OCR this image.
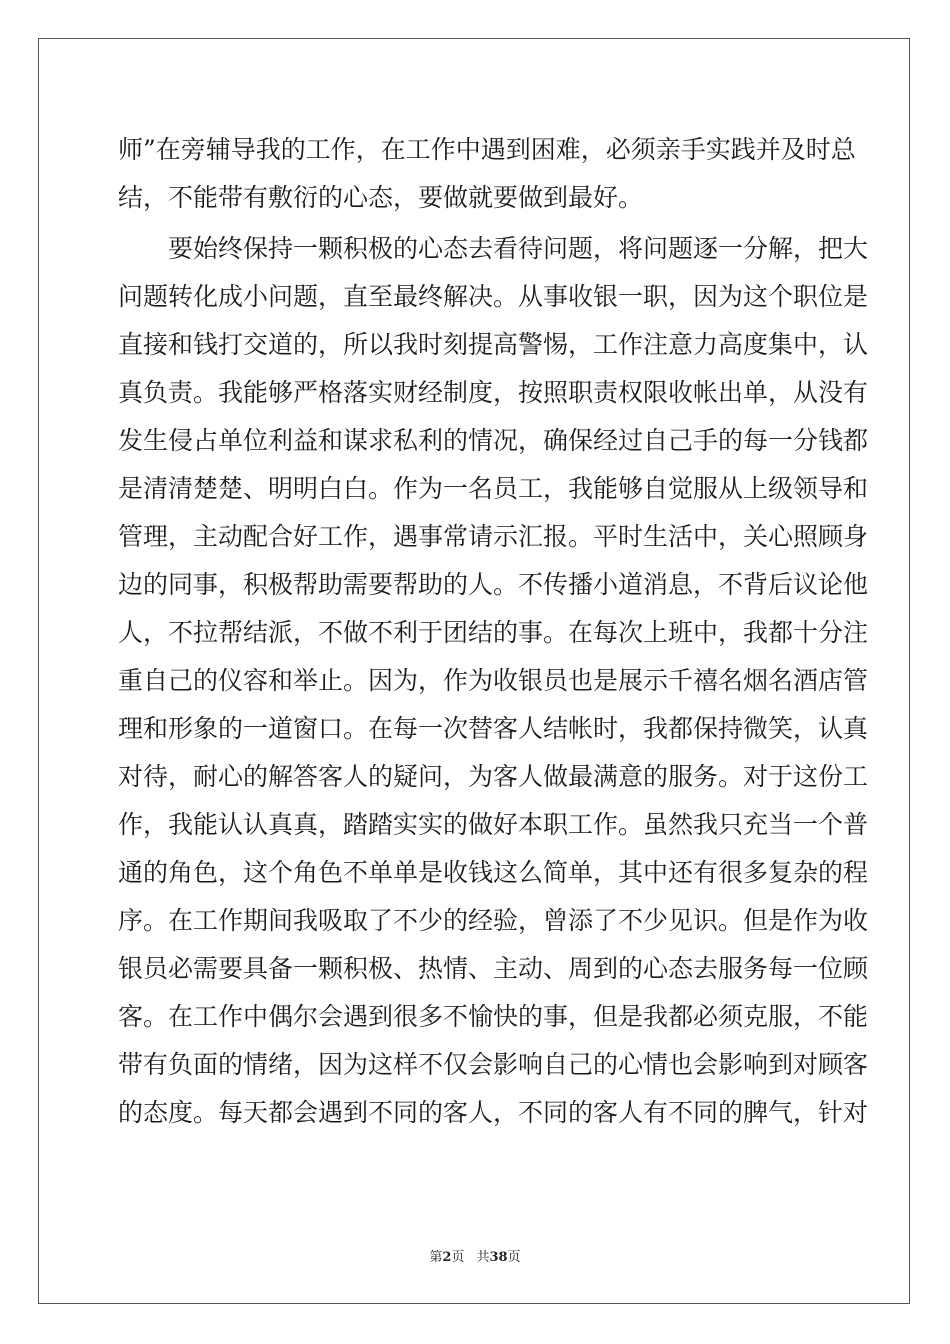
师”在旁辅导我的工作，在工作中遇到困难，必须亲手实践并及时总
结，不能带有敷衍的心态，要做就要做到最好。
要始终保持一颗积极的心态去看待问题，将问题逐一分解，把大
问题转化成小问题，直至最终解决。从事收银一职，因为这个职位是
直接和钱打交道的，所以我时刻提高警惕，工作注意力高度集中，认
真负责。我能够严格落实财经制度，按照职责权限收帐出单，从没有
发生侵占单位利益和谋求私利的情况，确保经过自己手的每一分钱都
是清清楚楚、明明白白。作为一名员工，我能够自觉服从上级领导和
管理，主动配合好工作，遇事常请示汇报。平时生活中，关心照顾身
边的同事，积极帮助需要帮助的人。不传播小道消息，不背后议论他
人，不拉帮结派，不做不利于团结的事。在每次上班中，我都十分注
重自己的仪容和举止。因为，作为收银员也是展示千禧名烟名酒店管
理和形象的一道窗口。在每一次替客人结帐时，我都保持微笑，认真
对待，耐心的解答客人的疑问，为客人做最满意的服务。对于这份工
作，我能认认真真，踏踏实实的做好本职工作。虽然我只充当一个普
通的角色，这个角色不单单是收钱这么简单，其中还有很多复杂的程
序。在工作期间我吸取了不少的经验，曾添了不少见识。但是作为收
银员必需要具备一颗积极、热情、主动、周到的心态去服务每一位顾
客。在工作中偶尔会遇到很多不愉快的事，但是我都必须克服，不能
带有负面的情绪，因为这样不仅会影响自己的心情也会影响到对顾客
的态度。每天都会遇到不同的客人，不同的客人有不同的脾气，针对
第2页 共38页
